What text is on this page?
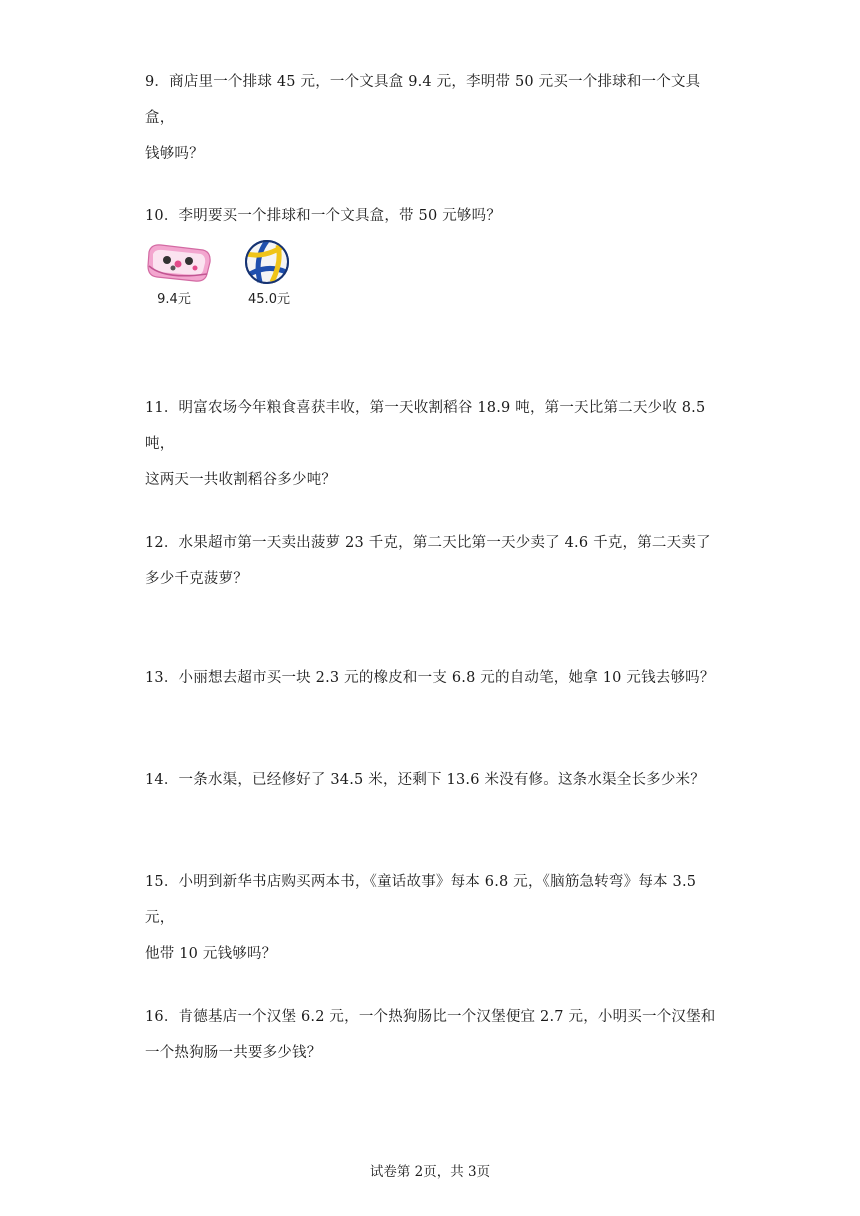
9．商店里一个排球 45 元，一个文具盒 9.4 元，李明带 50 元买一个排球和一个文具盒，

钱够吗？

10．李明要买一个排球和一个文具盒，带 50 元够吗？

9.4元	45.0元

11．明富农场今年粮食喜获丰收，第一天收割稻谷 18.9 吨，第一天比第二天少收 8.5 吨，

这两天一共收割稻谷多少吨？

12．水果超市第一天卖出菠萝 23 千克，第二天比第一天少卖了 4.6 千克，第二天卖了

多少千克菠萝？

13．小丽想去超市买一块 2.3 元的橡皮和一支 6.8 元的自动笔，她拿 10 元钱去够吗？

14．一条水渠，已经修好了 34.5 米，还剩下 13.6 米没有修。这条水渠全长多少米？

15．小明到新华书店购买两本书，《童话故事》每本 6.8 元，《脑筋急转弯》每本 3.5 元，

他带 10 元钱够吗？

16．肯德基店一个汉堡 6.2 元，一个热狗肠比一个汉堡便宜 2.7 元，小明买一个汉堡和

一个热狗肠一共要多少钱？

试卷第 2页，共 3页
